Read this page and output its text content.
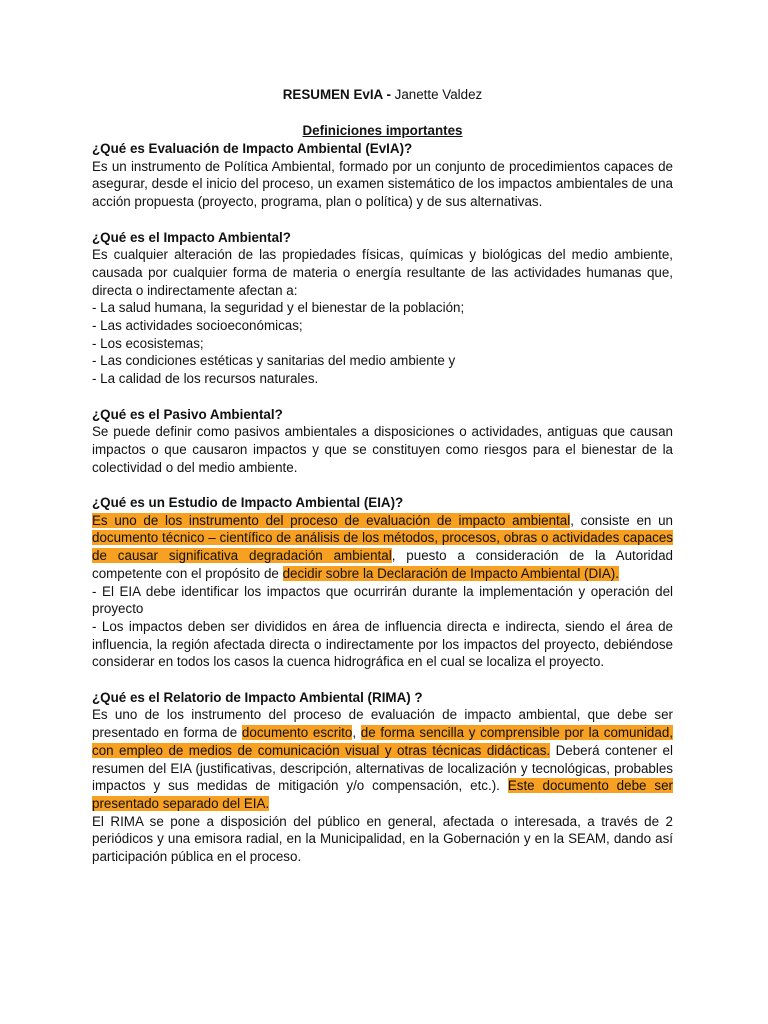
RESUMEN EvIA - Janette Valdez

Definiciones importantes

¿Qué es Evaluación de Impacto Ambiental (EvIA)?

Es un instrumento de Política Ambiental, formado por un conjunto de procedimientos capaces de asegurar, desde el inicio del proceso, un examen sistemático de los impactos ambientales de una acción propuesta (proyecto, programa, plan o política) y de sus alternativas.

¿Qué es el Impacto Ambiental?

Es cualquier alteración de las propiedades físicas, químicas y biológicas del medio ambiente, causada por cualquier forma de materia o energía resultante de las actividades humanas que, directa o indirectamente afectan a:

- La salud humana, la seguridad y el bienestar de la población;
- Las actividades socioeconómicas;
- Los ecosistemas;
- Las condiciones estéticas y sanitarias del medio ambiente y
- La calidad de los recursos naturales.

¿Qué es el Pasivo Ambiental?

Se puede definir como pasivos ambientales a disposiciones o actividades, antiguas que causan impactos o que causaron impactos y que se constituyen como riesgos para el bienestar de la colectividad o del medio ambiente.

¿Qué es un Estudio de Impacto Ambiental (EIA)?

Es uno de los instrumento del proceso de evaluación de impacto ambiental, consiste en un documento técnico – científico de análisis de los métodos, procesos, obras o actividades capaces de causar significativa degradación ambiental, puesto a consideración de la Autoridad competente con el propósito de decidir sobre la Declaración de Impacto Ambiental (DIA).

- El EIA debe identificar los impactos que ocurrirán durante la implementación y operación del proyecto

- Los impactos deben ser divididos en área de influencia directa e indirecta, siendo el área de influencia, la región afectada directa o indirectamente por los impactos del proyecto, debiéndose considerar en todos los casos la cuenca hidrográfica en el cual se localiza el proyecto.

¿Qué es el Relatorio de Impacto Ambiental (RIMA) ?

Es uno de los instrumento del proceso de evaluación de impacto ambiental, que debe ser presentado en forma de documento escrito, de forma sencilla y comprensible por la comunidad, con empleo de medios de comunicación visual y otras técnicas didácticas. Deberá contener el resumen del EIA (justificativas, descripción, alternativas de localización y tecnológicas, probables impactos y sus medidas de mitigación y/o compensación, etc.). Este documento debe ser presentado separado del EIA.

El RIMA se pone a disposición del público en general, afectada o interesada, a través de 2 periódicos y una emisora radial, en la Municipalidad, en la Gobernación y en la SEAM, dando así participación pública en el proceso.
